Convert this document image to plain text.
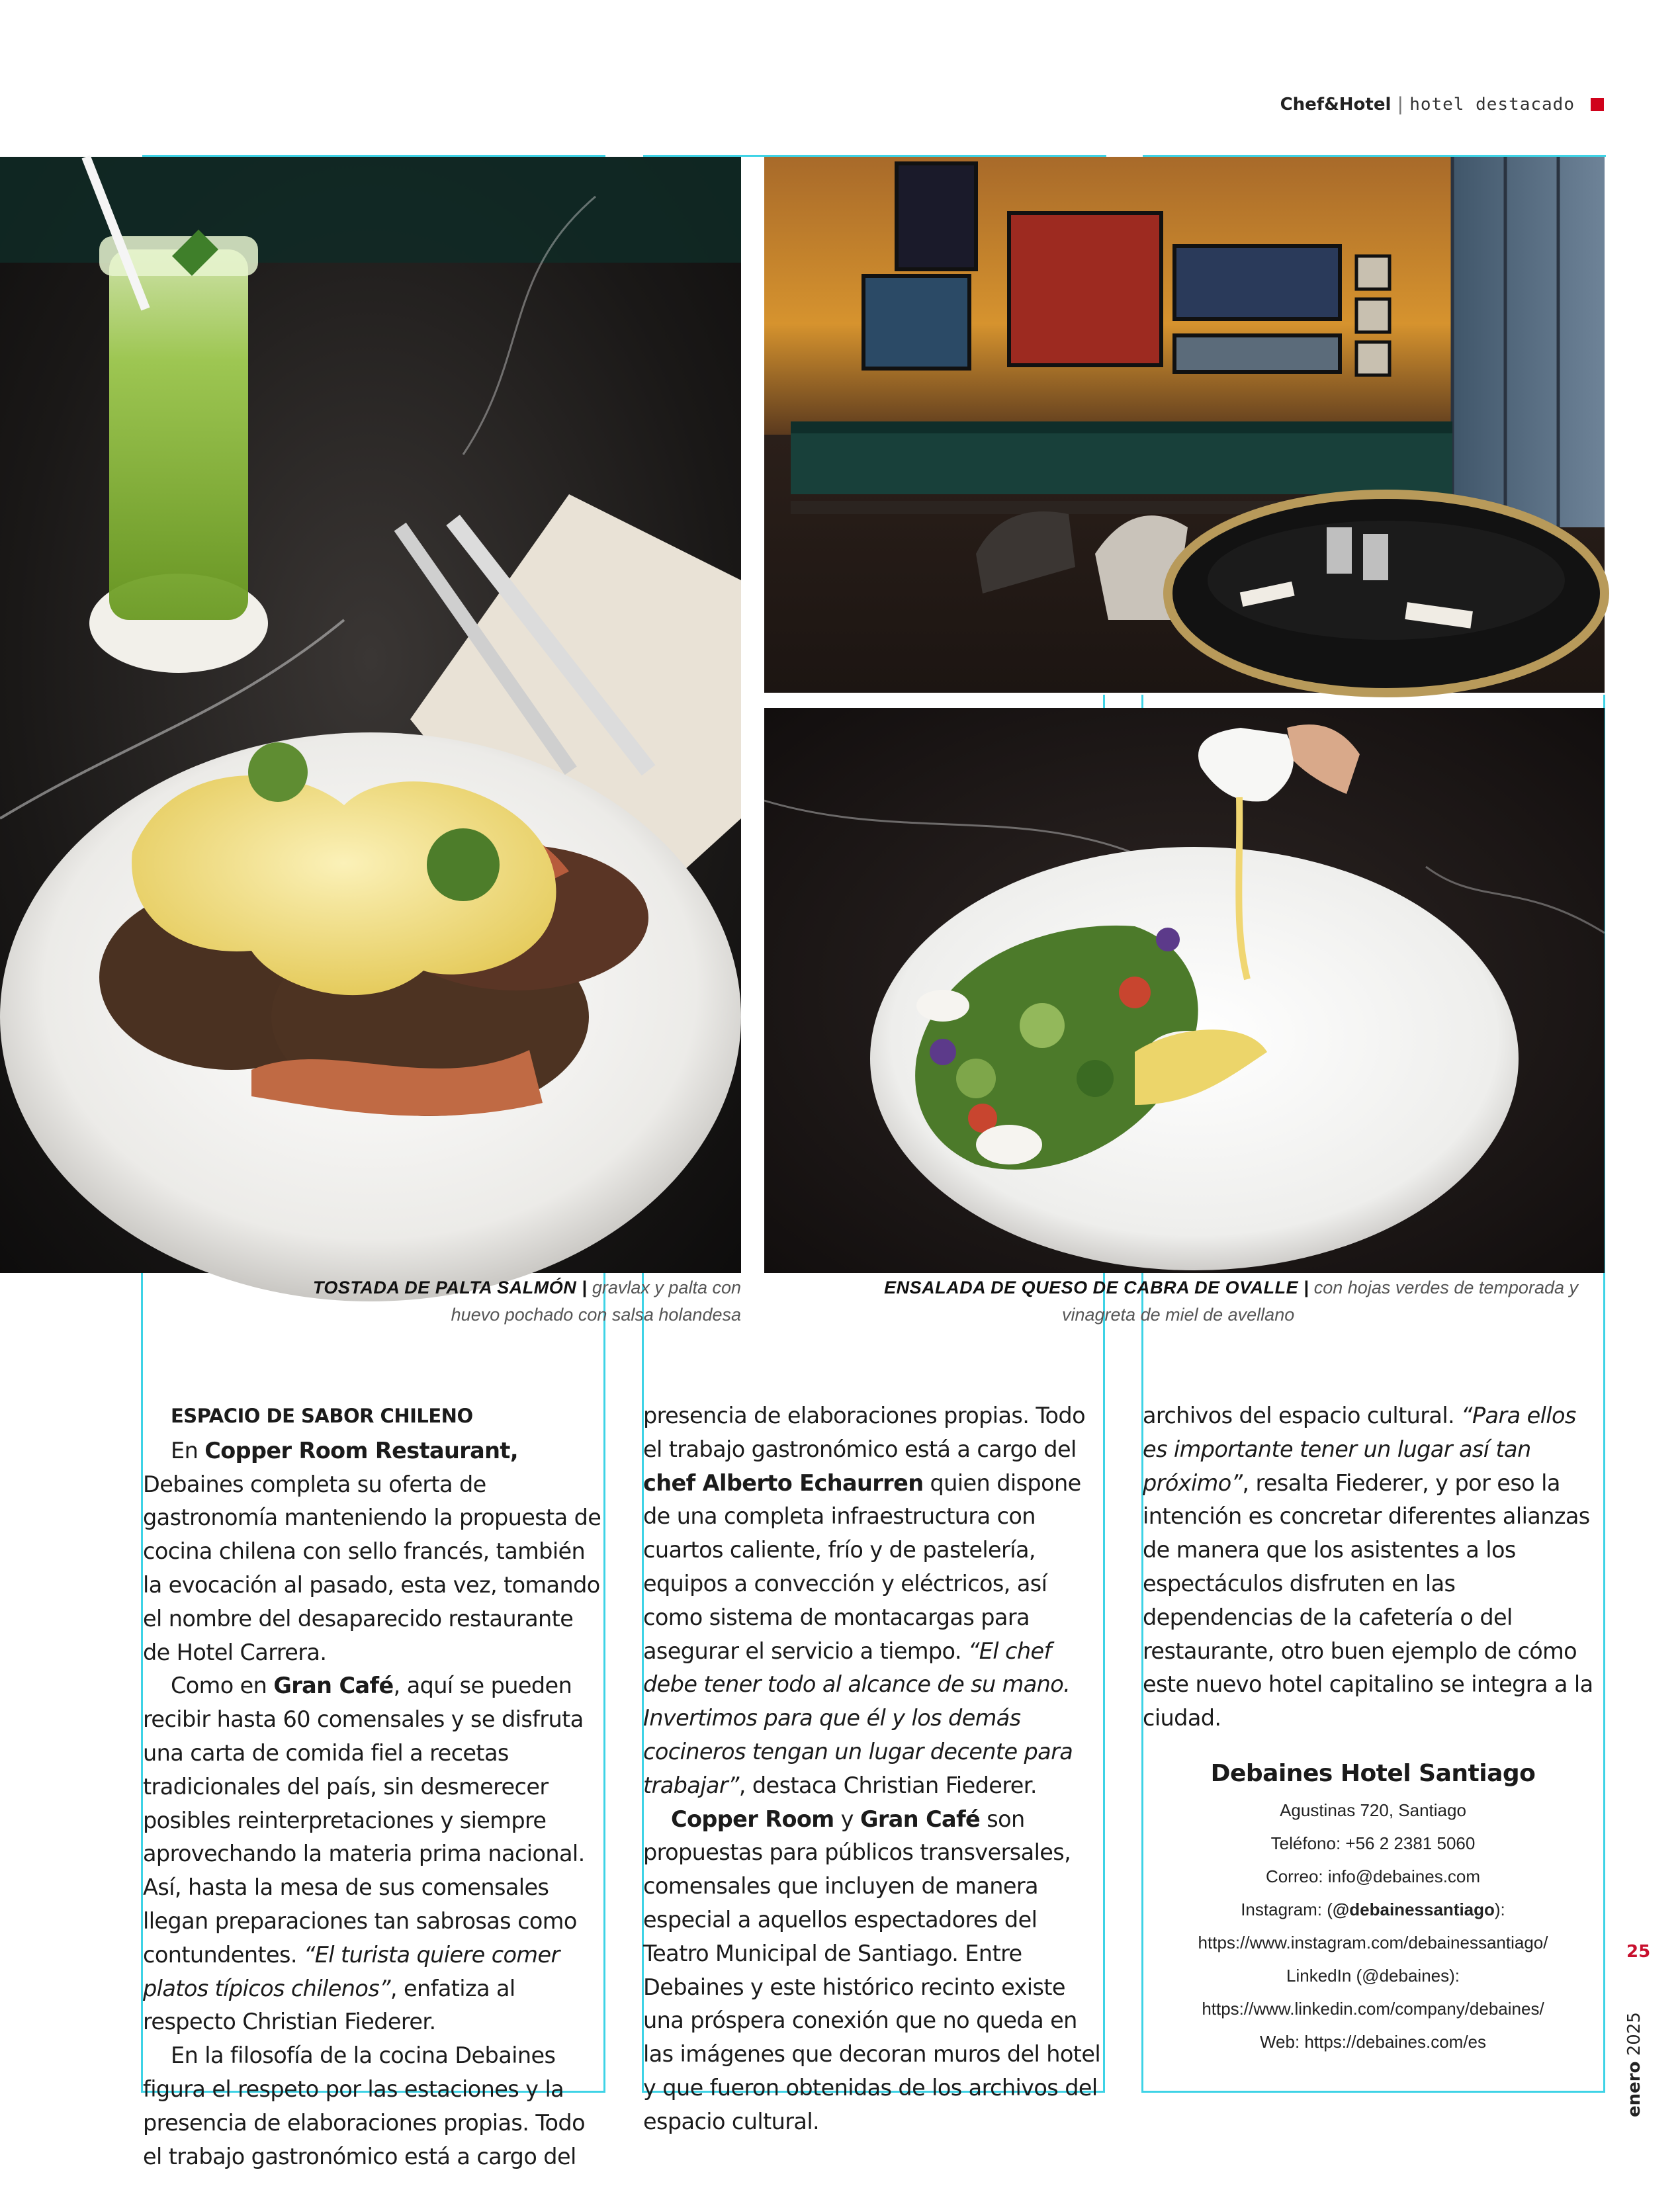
Chef&Hotel | hotel destacado
TOSTADA DE PALTA SALMÓN | gravlax y palta con
huevo pochado con salsa holandesa
ENSALADA DE QUESO DE CABRA DE OVALLE | con hojas verdes de temporada y
vinagreta de miel de avellano

ESPACIO DE SABOR CHILENO

En Copper Room Restaurant, Debaines completa su oferta de gastronomía manteniendo la propuesta de cocina chilena con sello francés, también la evocación al pasado, esta vez, tomando el nombre del desaparecido restaurante de Hotel Carrera.

Como en Gran Café, aquí se pueden recibir hasta 60 comensales y se disfruta una carta de comida fiel a recetas tradicionales del país, sin desmerecer posibles reinterpretaciones y siempre aprovechando la materia prima nacional. Así, hasta la mesa de sus comensales llegan preparaciones tan sabrosas como contundentes. “El turista quiere comer platos típicos chilenos”, enfatiza al respecto Christian Fiederer.

En la filosofía de la cocina Debaines figura el respeto por las estaciones y la presencia de elaboraciones propias. Todo el trabajo gastronómico está a cargo del

presencia de elaboraciones propias. Todo el trabajo gastronómico está a cargo del chef Alberto Echaurren quien dispone de una completa infraestructura con cuartos caliente, frío y de pastelería, equipos a convección y eléctricos, así como sistema de montacargas para asegurar el servicio a tiempo. “El chef debe tener todo al alcance de su mano. Invertimos para que él y los demás cocineros tengan un lugar decente para trabajar”, destaca Christian Fiederer.

Copper Room y Gran Café son propuestas para públicos transversales, comensales que incluyen de manera especial a aquellos espectadores del Teatro Municipal de Santiago. Entre Debaines y este histórico recinto existe una próspera conexión que no queda en las imágenes que decoran muros del hotel y que fueron obtenidas de los archivos del espacio cultural.

archivos del espacio cultural. “Para ellos es importante tener un lugar así tan próximo”, resalta Fiederer, y por eso la intención es concretar diferentes alianzas de manera que los asistentes a los espectáculos disfruten en las dependencias de la cafetería o del restaurante, otro buen ejemplo de cómo este nuevo hotel capitalino se integra a la ciudad.

Debaines Hotel Santiago
Agustinas 720, Santiago
Teléfono: +56 2 2381 5060
Correo: info@debaines.com
Instagram: (@debainessantiago):
https://www.instagram.com/debainessantiago/
LinkedIn (@debaines):
https://www.linkedin.com/company/debaines/
Web: https://debaines.com/es
25
enero 2025
